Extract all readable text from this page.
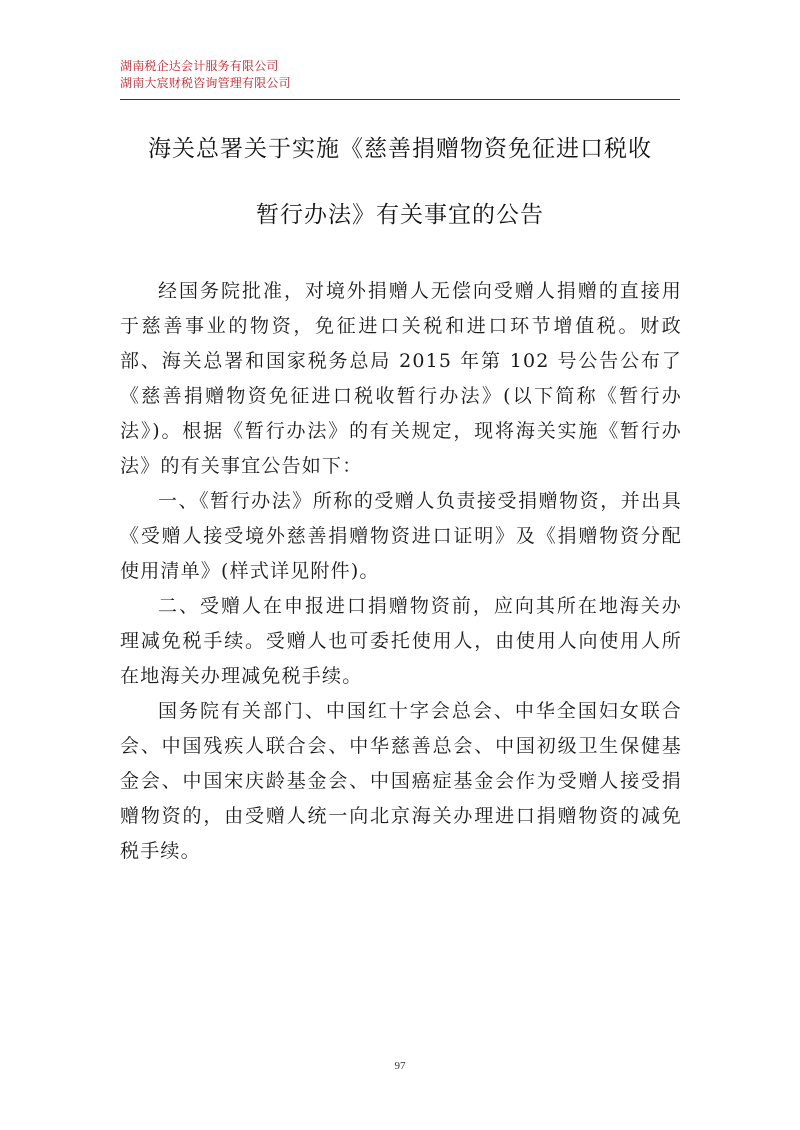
湖南税企达会计服务有限公司
湖南大宸财税咨询管理有限公司
海关总署关于实施《慈善捐赠物资免征进口税收
暂行办法》有关事宜的公告

经国务院批准，对境外捐赠人无偿向受赠人捐赠的直接用于慈善事业的物资，免征进口关税和进口环节增值税。财政部、海关总署和国家税务总局 2015 年第 102 号公告公布了《慈善捐赠物资免征进口税收暂行办法》(以下简称《暂行办法》)。根据《暂行办法》的有关规定，现将海关实施《暂行办法》的有关事宜公告如下：

一、《暂行办法》所称的受赠人负责接受捐赠物资，并出具《受赠人接受境外慈善捐赠物资进口证明》及《捐赠物资分配使用清单》(样式详见附件)。

二、受赠人在申报进口捐赠物资前，应向其所在地海关办理减免税手续。受赠人也可委托使用人，由使用人向使用人所在地海关办理减免税手续。

国务院有关部门、中国红十字会总会、中华全国妇女联合会、中国残疾人联合会、中华慈善总会、中国初级卫生保健基金会、中国宋庆龄基金会、中国癌症基金会作为受赠人接受捐赠物资的，由受赠人统一向北京海关办理进口捐赠物资的减免税手续。

97
